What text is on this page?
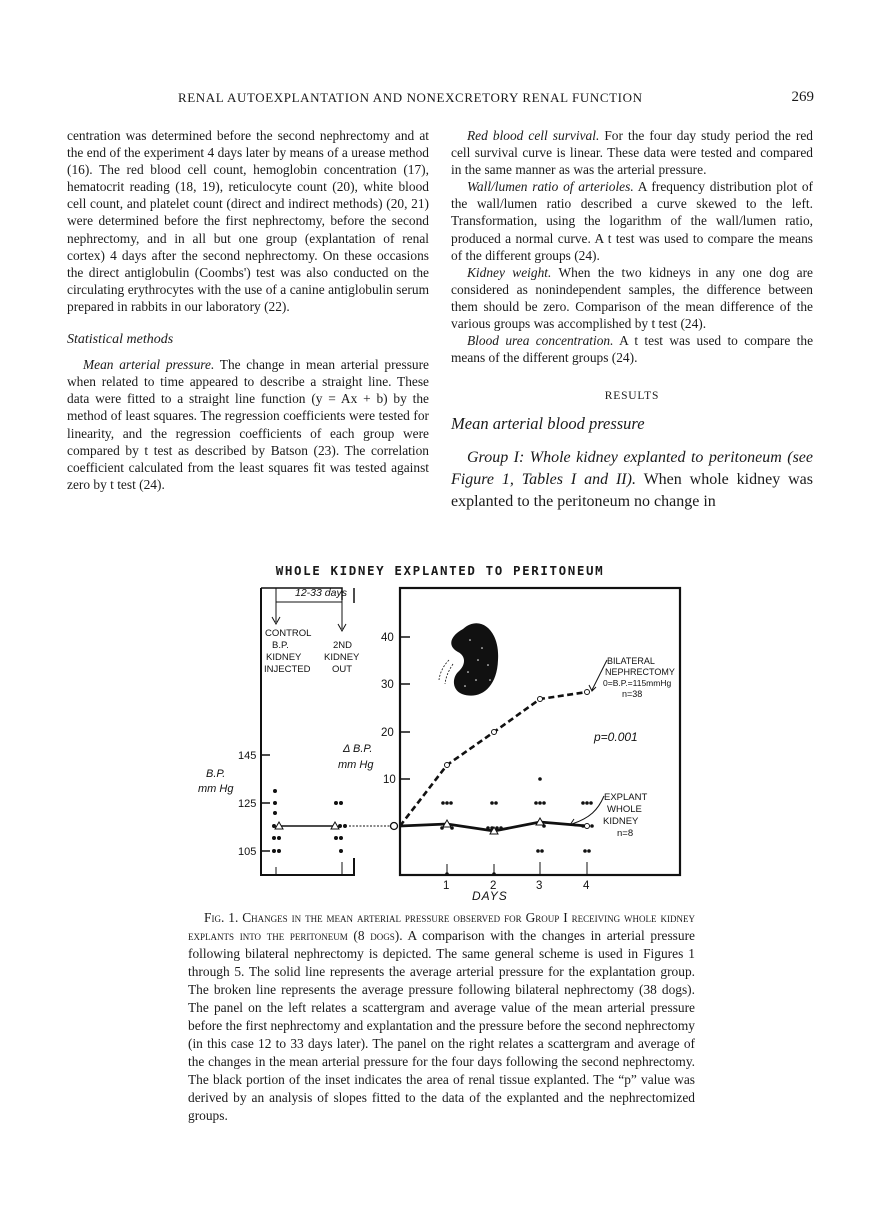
RENAL AUTOEXPLANTATION AND NONEXCRETORY RENAL FUNCTION	269

centration was determined before the second nephrectomy and at the end of the experiment 4 days later by means of a urease method (16). The red blood cell count, hemoglobin concentration (17), hematocrit reading (18, 19), reticulocyte count (20), white blood cell count, and platelet count (direct and indirect methods) (20, 21) were determined before the first nephrectomy, before the second nephrectomy, and in all but one group (explantation of renal cortex) 4 days after the second nephrectomy. On these occasions the direct antiglobulin (Coombs') test was also conducted on the circulating erythrocytes with the use of a canine antiglobulin serum prepared in rabbits in our laboratory (22).

Statistical methods

Mean arterial pressure. The change in mean arterial pressure when related to time appeared to describe a straight line. These data were fitted to a straight line function (y = Ax + b) by the method of least squares. The regression coefficients were tested for linearity, and the regression coefficients of each group were compared by t test as described by Batson (23). The correlation coefficient calculated from the least squares fit was tested against zero by t test (24).

Red blood cell survival. For the four day study period the red cell survival curve is linear. These data were tested and compared in the same manner as was the arterial pressure.

Wall/lumen ratio of arterioles. A frequency distribution plot of the wall/lumen ratio described a curve skewed to the left. Transformation, using the logarithm of the wall/lumen ratio, produced a normal curve. A t test was used to compare the means of the different groups (24).

Kidney weight. When the two kidneys in any one dog are considered as nonindependent samples, the difference between them should be zero. Comparison of the mean difference of the various groups was accomplished by t test (24).

Blood urea concentration. A t test was used to compare the means of the different groups (24).

RESULTS
Mean arterial blood pressure

Group I: Whole kidney explanted to peritoneum (see Figure 1, Tables I and II). When whole kidney was explanted to the peritoneum no change in

WHOLE KIDNEY EXPLANTED TO PERITONEUM
12-33 days
CONTROL
B.P.
KIDNEY
INJECTED
2ND
KIDNEY
OUT
145
125
105
B.P.
mm Hg
Δ B.P.
mm Hg
40
30
20
10
1	2	3	4
DAYS
BILATERAL
NEPHRECTOMY
0=B.P.=115mmHg
n=38
p=0.001
EXPLANT
WHOLE
KIDNEY
n=8

Fig. 1. Changes in the mean arterial pressure observed for Group I receiving whole kidney explants into the peritoneum (8 dogs). A comparison with the changes in arterial pressure following bilateral nephrectomy is depicted. The same general scheme is used in Figures 1 through 5. The solid line represents the average arterial pressure for the explantation group. The broken line represents the average pressure following bilateral nephrectomy (38 dogs). The panel on the left relates a scattergram and average value of the mean arterial pressure before the first nephrectomy and explantation and the pressure before the second nephrectomy (in this case 12 to 33 days later). The panel on the right relates a scattergram and average of the changes in the mean arterial pressure for the four days following the second nephrectomy. The black portion of the inset indicates the area of renal tissue explanted. The “p” value was derived by an analysis of slopes fitted to the data of the explanted and the nephrectomized groups.
